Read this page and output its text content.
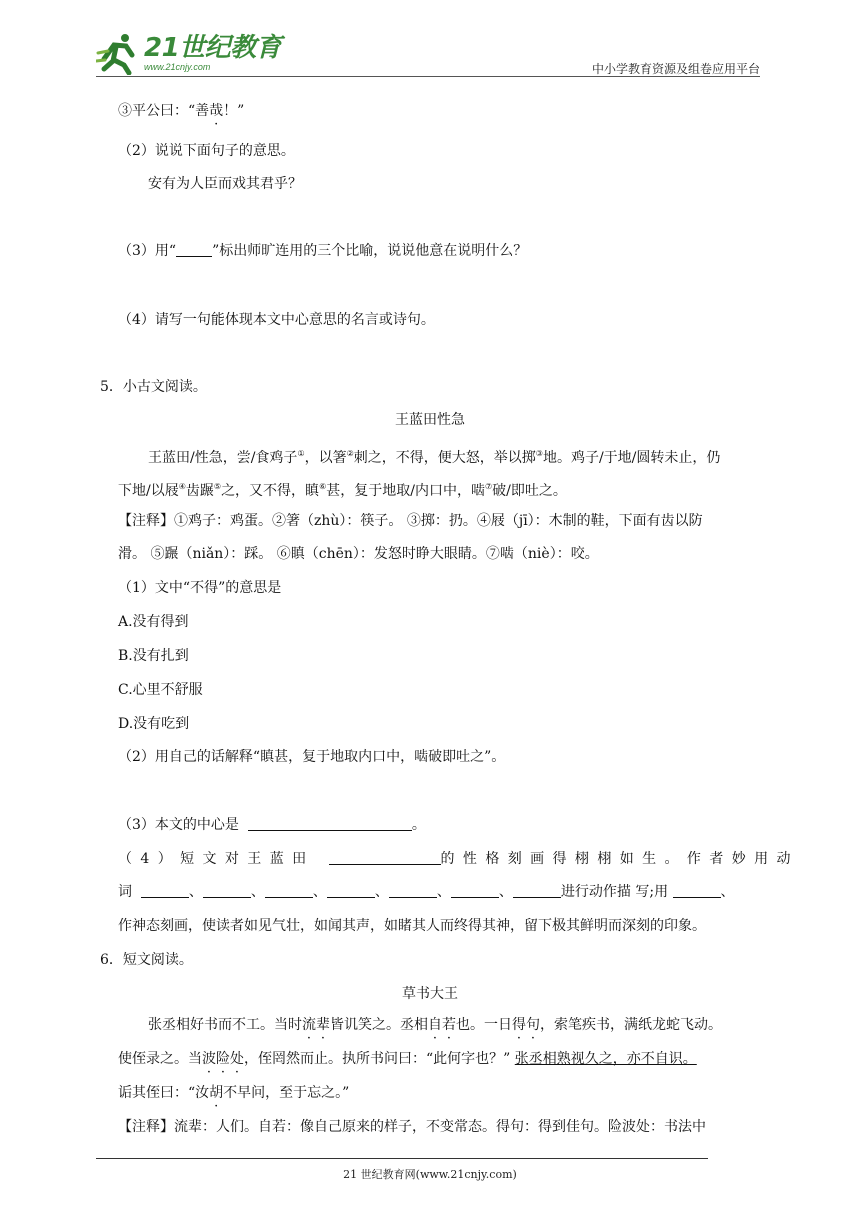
21世纪教育
www.21cnjy.com	中小学教育资源及组卷应用平台
③平公曰：“善哉！”
（2）说说下面句子的意思。
安有为人臣而戏其君乎？
（3）用“	”标出师旷连用的三个比喻，说说他意在说明什么？
（4）请写一句能体现本文中心意思的名言或诗句。
5．小古文阅读。
王蓝田性急
王蓝田/性急，尝/食鸡子①，以箸②刺之，不得，便大怒，举以掷③地。鸡子/于地/圆转未止，仍
下地/以屐④齿蹍⑤之，又不得，瞋⑥甚，复于地取/内口中，啮⑦破/即吐之。
【注释】①鸡子：鸡蛋。②箸（zhù）：筷子。 ③掷：扔。④屐（jī）：木制的鞋，下面有齿以防
滑。 ⑤蹍（niǎn）：踩。 ⑥瞋（chēn）：发怒时睁大眼睛。⑦啮（niè）：咬。
（1）文中“不得”的意思是
A.没有得到
B.没有扎到
C.心里不舒服
D.没有吃到
（2）用自己的话解释“瞋甚，复于地取内口中，啮破即吐之”。
（3）本文的中心是	。
（4）短文对王蓝田	的性格刻画得栩栩如生。作者妙用动
词	、	、	、	、	、	、	进行动作描 写;用	、
作神态刻画，使读者如见气壮，如闻其声，如睹其人而终得其神，留下极其鲜明而深刻的印象。
6．短文阅读。
草书大王
张丞相好书而不工。当时流辈皆讥笑之。丞相自若也。一日得句，索笔疾书，满纸龙蛇飞动。
使侄录之。当波险处，侄罔然而止。执所书问曰：“此何字也？” 张丞相熟视久之，亦不自识。
诟其侄曰：“汝胡不早问，至于忘之。”
【注释】流辈：人们。自若：像自己原来的样子，不变常态。得句：得到佳句。险波处：书法中
21 世纪教育网(www.21cnjy.com)
